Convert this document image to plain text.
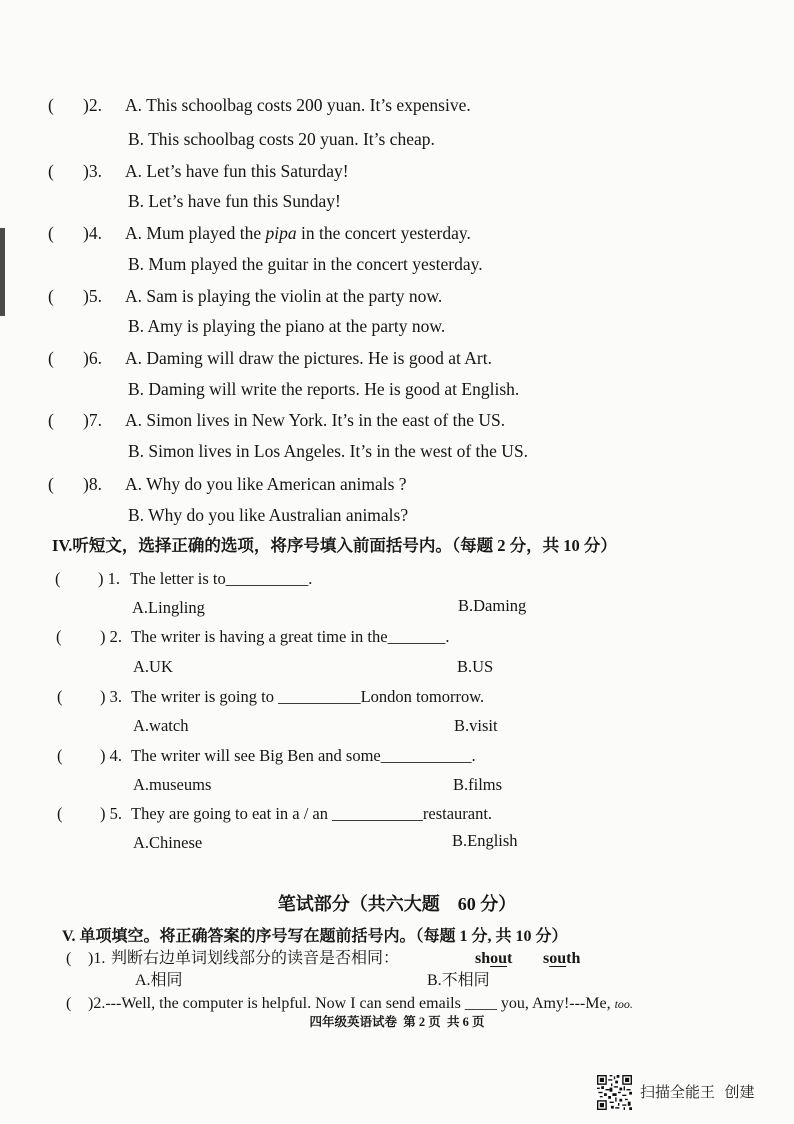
( )2. A. This schoolbag costs 200 yuan. It’s expensive.
B. This schoolbag costs 20 yuan. It’s cheap.
( )3. A. Let’s have fun this Saturday!
B. Let’s have fun this Sunday!
( )4. A. Mum played the pipa in the concert yesterday.
B. Mum played the guitar in the concert yesterday.
( )5. A. Sam is playing the violin at the party now.
B. Amy is playing the piano at the party now.
( )6. A. Daming will draw the pictures. He is good at Art.
B. Daming will write the reports. He is good at English.
( )7. A. Simon lives in New York. It’s in the east of the US.
B. Simon lives in Los Angeles. It’s in the west of the US.
( )8. A. Why do you like American animals ?
B. Why do you like Australian animals?
IV.听短文，选择正确的选项，将序号填入前面括号内。（每题 2 分，共 10 分）
( ) 1. The letter is to__________.
A.Lingling	B.Daming
( ) 2. The writer is having a great time in the_______.
A.UK	B.US
( ) 3. The writer is going to __________London tomorrow.
A.watch	B.visit
( ) 4. The writer will see Big Ben and some___________.
A.museums	B.films
( ) 5. They are going to eat in a / an ___________restaurant.
A.Chinese	B.English
笔试部分（共六大题    60 分）
V. 单项填空。将正确答案的序号写在题前括号内。（每题 1 分, 共 10 分）
( )1. 判断右边单词划线部分的读音是否相同：	shout south
A.相同	B.不相同
( )2.---Well, the computer is helpful. Now I can send emails ____ you, Amy!---Me, too.
四年级英语试卷  第 2 页  共 6 页
扫描全能王  创建
